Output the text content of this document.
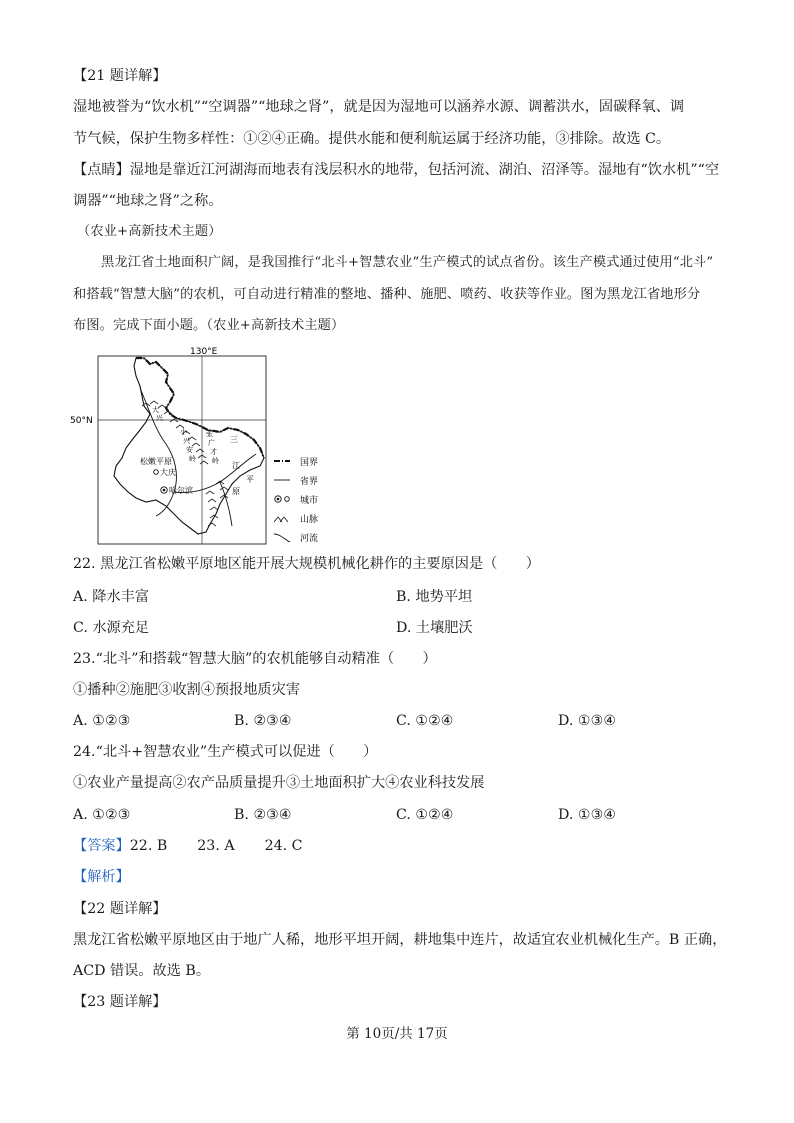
【21 题详解】
湿地被誉为“饮水机”“空调器”“地球之肾”，就是因为湿地可以涵养水源、调蓄洪水，固碳释氧、调
节气候，保护生物多样性：①②④正确。提供水能和便利航运属于经济功能，③排除。故选 C。
【点睛】湿地是靠近江河湖海而地表有浅层积水的地带，包括河流、湖泊、沼泽等。湿地有“饮水机”“空
调器”“地球之肾”之称。
（农业+高新技术主题）
黑龙江省土地面积广阔，是我国推行“北斗+智慧农业”生产模式的试点省份。该生产模式通过使用“北斗”
和搭载“智慧大脑”的农机，可自动进行精准的整地、播种、施肥、喷药、收获等作业。图为黑龙江省地形分
布图。完成下面小题。（农业+高新技术主题）
130°E
50°N
小
兴
安
岭
张
广
才
岭
大
兴
松嫩平原
三
江
平
原
大庆
哈尔滨
国界
省界
城市
山脉
河流
22. 黑龙江省松嫩平原地区能开展大规模机械化耕作的主要原因是（　　）
A. 降水丰富	B. 地势平坦
C. 水源充足	D. 土壤肥沃
23.“北斗”和搭载“智慧大脑”的农机能够自动精准（　　）
①播种②施肥③收割④预报地质灾害
A. ①②③	B. ②③④	C. ①②④	D. ①③④
24.“北斗+智慧农业”生产模式可以促进（　　）
①农业产量提高②农产品质量提升③土地面积扩大④农业科技发展
A. ①②③	B. ②③④	C. ①②④	D. ①③④
【答案】22. B 23. A 24. C
【解析】
【22 题详解】
黑龙江省松嫩平原地区由于地广人稀，地形平坦开阔，耕地集中连片，故适宜农业机械化生产。B 正确，
ACD 错误。故选 B。
【23 题详解】
第 10页/共 17页
